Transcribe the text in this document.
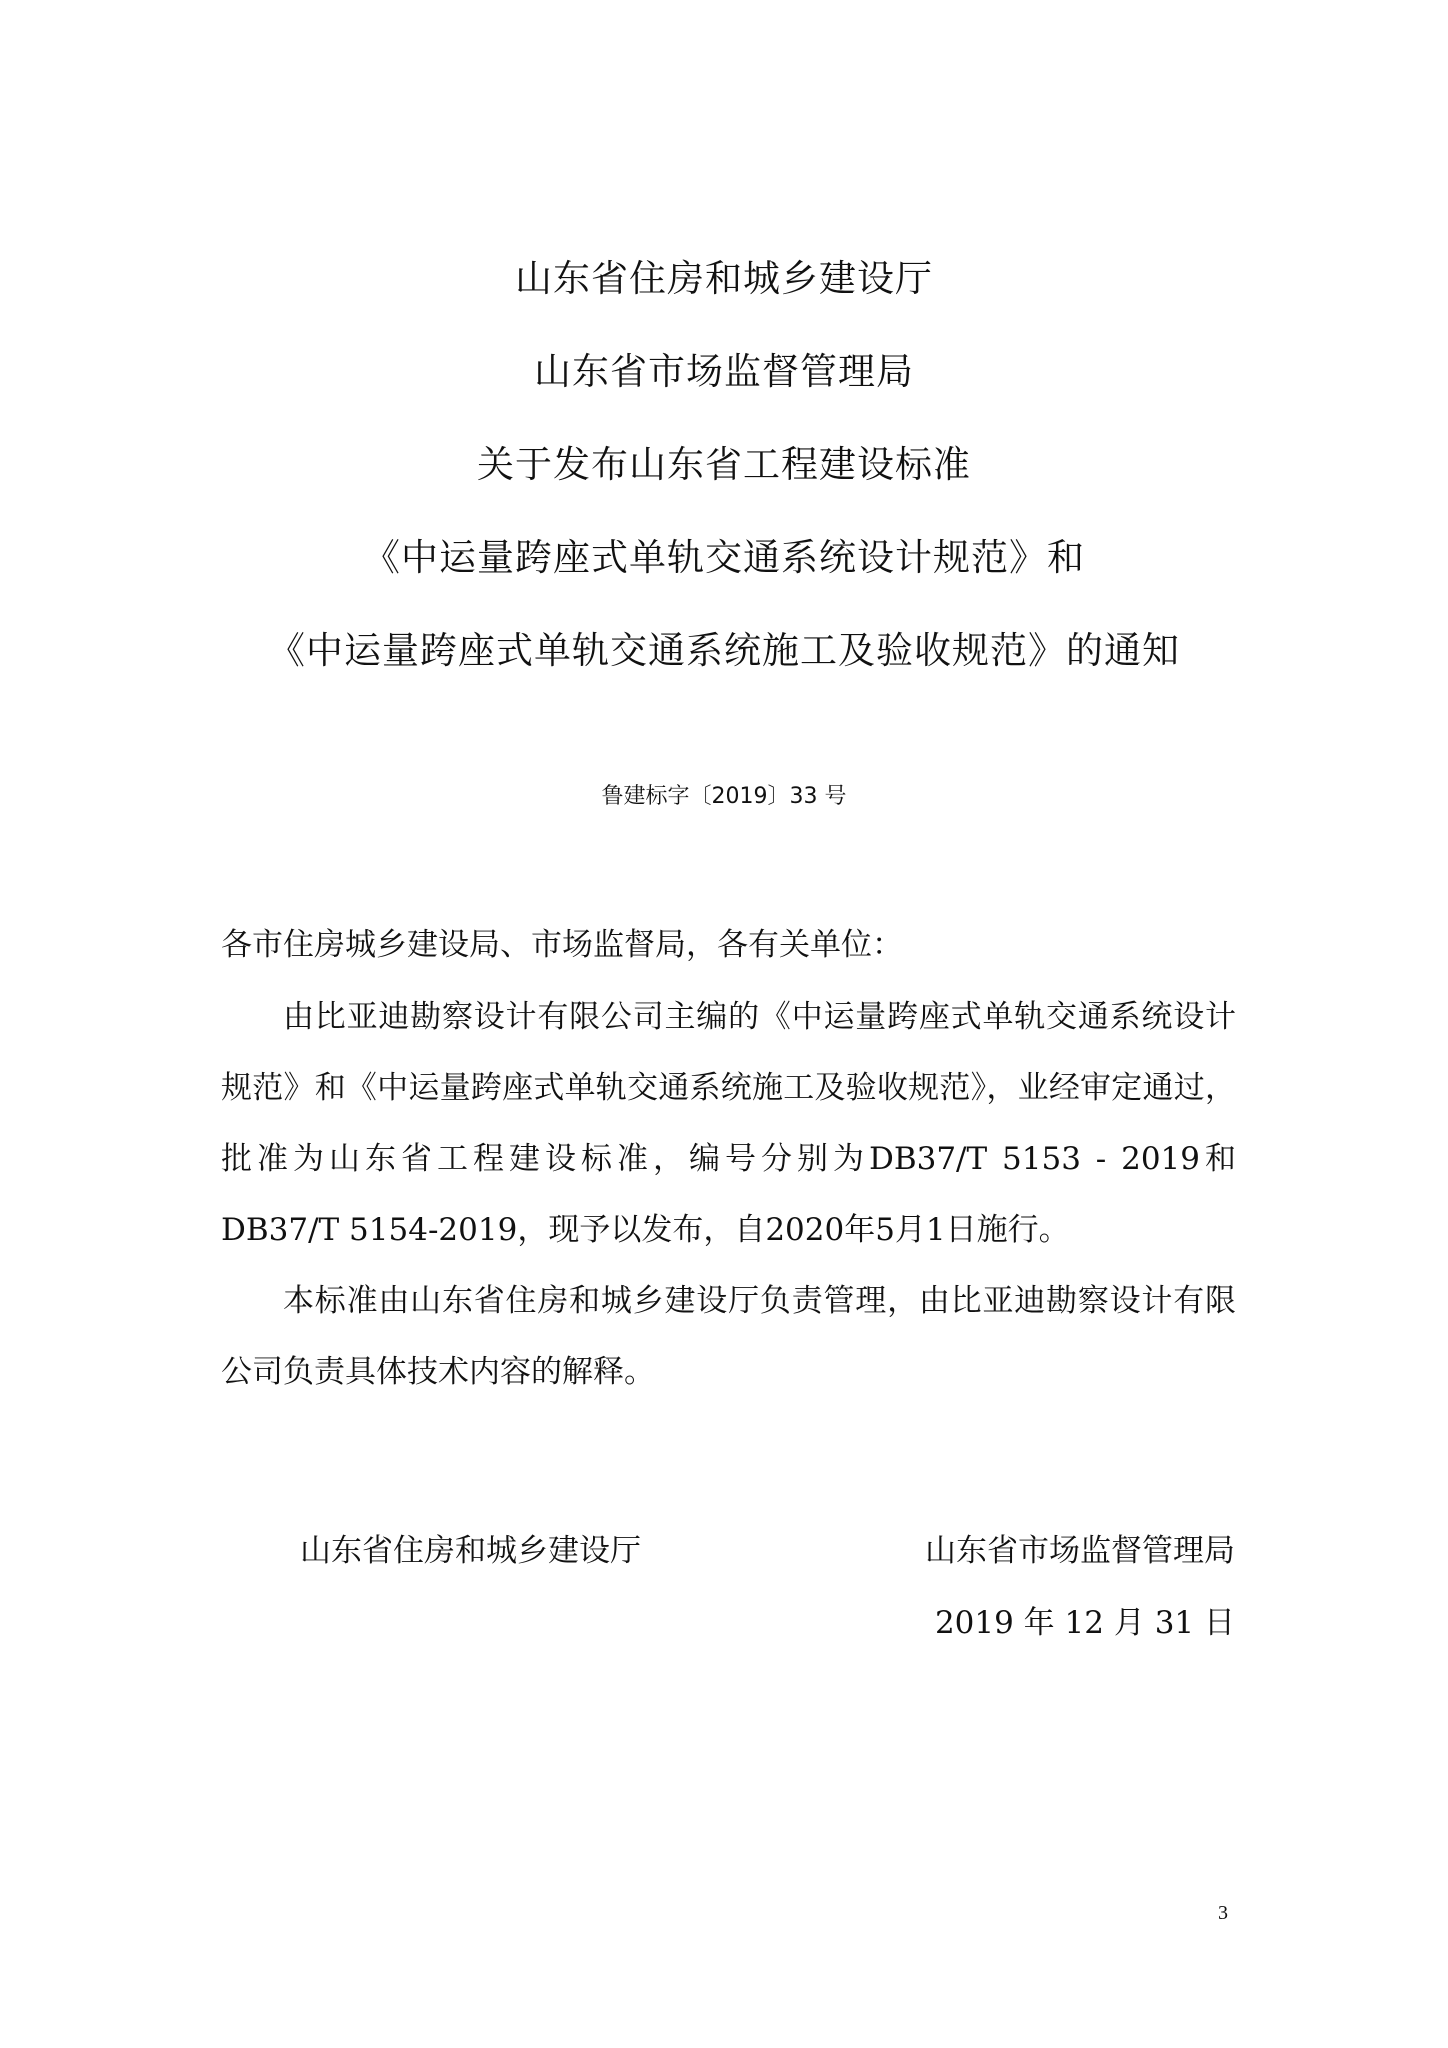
山东省住房和城乡建设厅
山东省市场监督管理局
关于发布山东省工程建设标准
《中运量跨座式单轨交通系统设计规范》和
《中运量跨座式单轨交通系统施工及验收规范》的通知
鲁建标字〔2019〕33 号
各市住房城乡建设局、市场监督局，各有关单位：

由比亚迪勘察设计有限公司主编的《中运量跨座式单轨交通系统设计规范》和《中运量跨座式单轨交通系统施工及验收规范》，业经审定通过，批准为山东省工程建设标准，编号分别为DB37/T 5153 - 2019和DB37/T 5154-2019，现予以发布，自2020年5月1日施行。

本标准由山东省住房和城乡建设厅负责管理，由比亚迪勘察设计有限公司负责具体技术内容的解释。

山东省住房和城乡建设厅	山东省市场监督管理局
2019 年 12 月 31 日
3
